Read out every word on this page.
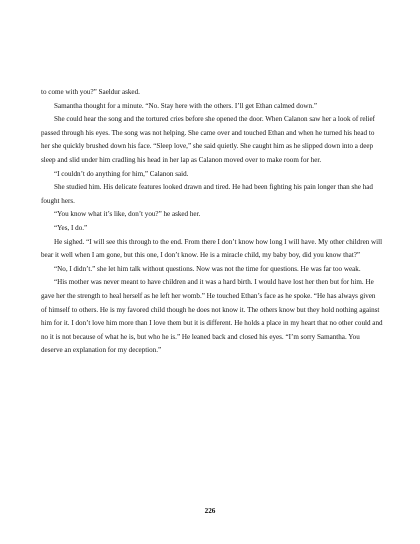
to come with you?” Saeldur asked.

Samantha thought for a minute. “No. Stay here with the others. I’ll get Ethan calmed down.”

She could hear the song and the tortured cries before she opened the door. When Calanon saw her a look of relief passed through his eyes. The song was not helping. She came over and touched Ethan and when he turned his head to her she quickly brushed down his face. “Sleep love,” she said quietly. She caught him as he slipped down into a deep sleep and slid under him cradling his head in her lap as Calanon moved over to make room for her.

“I couldn’t do anything for him,” Calanon said.

She studied him. His delicate features looked drawn and tired. He had been fighting his pain longer than she had fought hers.

“You know what it’s like, don’t you?” he asked her.

“Yes, I do.”

He sighed. “I will see this through to the end. From there I don’t know how long I will have. My other children will bear it well when I am gone, but this one, I don’t know. He is a miracle child, my baby boy, did you know that?”

“No, I didn’t.” she let him talk without questions. Now was not the time for questions. He was far too weak.

“His mother was never meant to have children and it was a hard birth. I would have lost her then but for him. He gave her the strength to heal herself as he left her womb.” He touched Ethan’s face as he spoke. “He has always given of himself to others. He is my favored child though he does not know it. The others know but they hold nothing against him for it. I don’t love him more than I love them but it is different. He holds a place in my heart that no other could and no it is not because of what he is, but who he is.” He leaned back and closed his eyes. “I’m sorry Samantha. You deserve an explanation for my deception.”

226
